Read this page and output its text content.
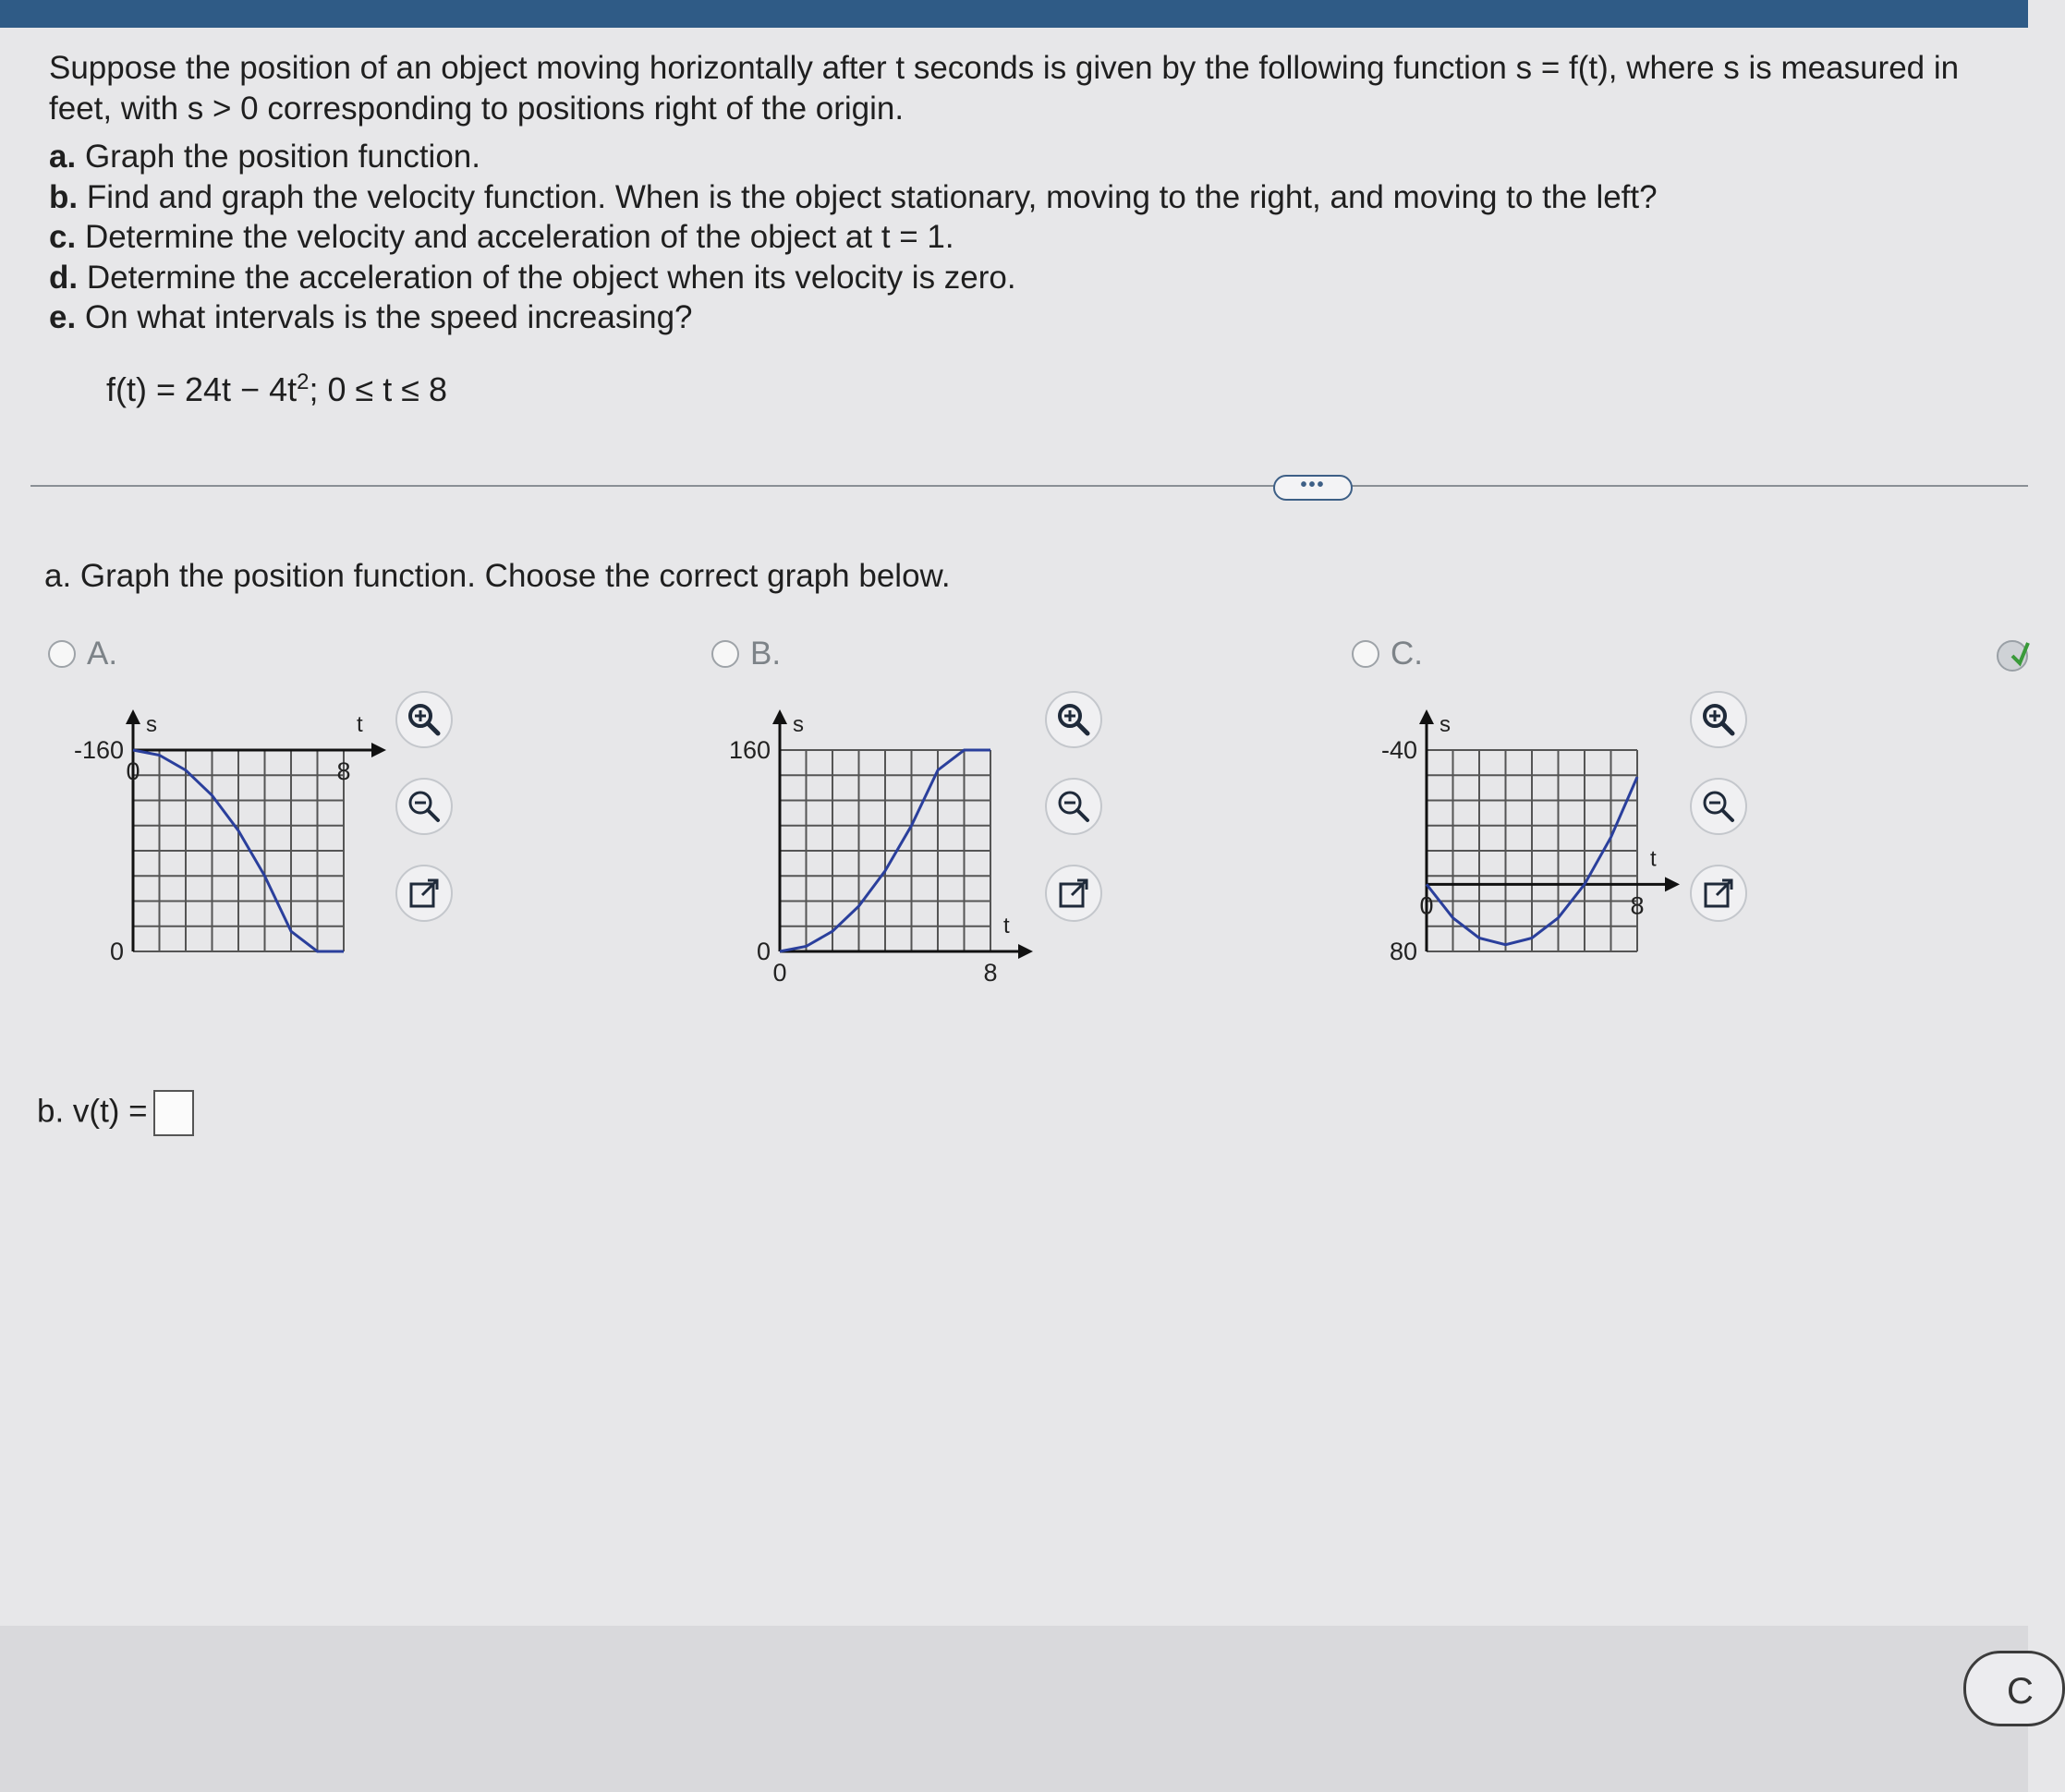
Suppose the position of an object moving horizontally after t seconds is given by the following function s = f(t), where s is measured in feet, with s > 0 corresponding to positions right of the origin.

a. Graph the position function.
b. Find and graph the velocity function. When is the object stationary, moving to the right, and moving to the left?
c. Determine the velocity and acceleration of the object at t = 1.
d. Determine the acceleration of the object when its velocity is zero.
e. On what intervals is the speed increasing?
$f(t) = 24t - 4t^2$; 0 ≤ t ≤ 8
•••
a. Graph the position function. Choose the correct graph below.
A.
t
s
-160
0
0	8
B.
t
s
160
0
0	8
C.
t
s
-40
80
0	8
b. v(t) =
C
